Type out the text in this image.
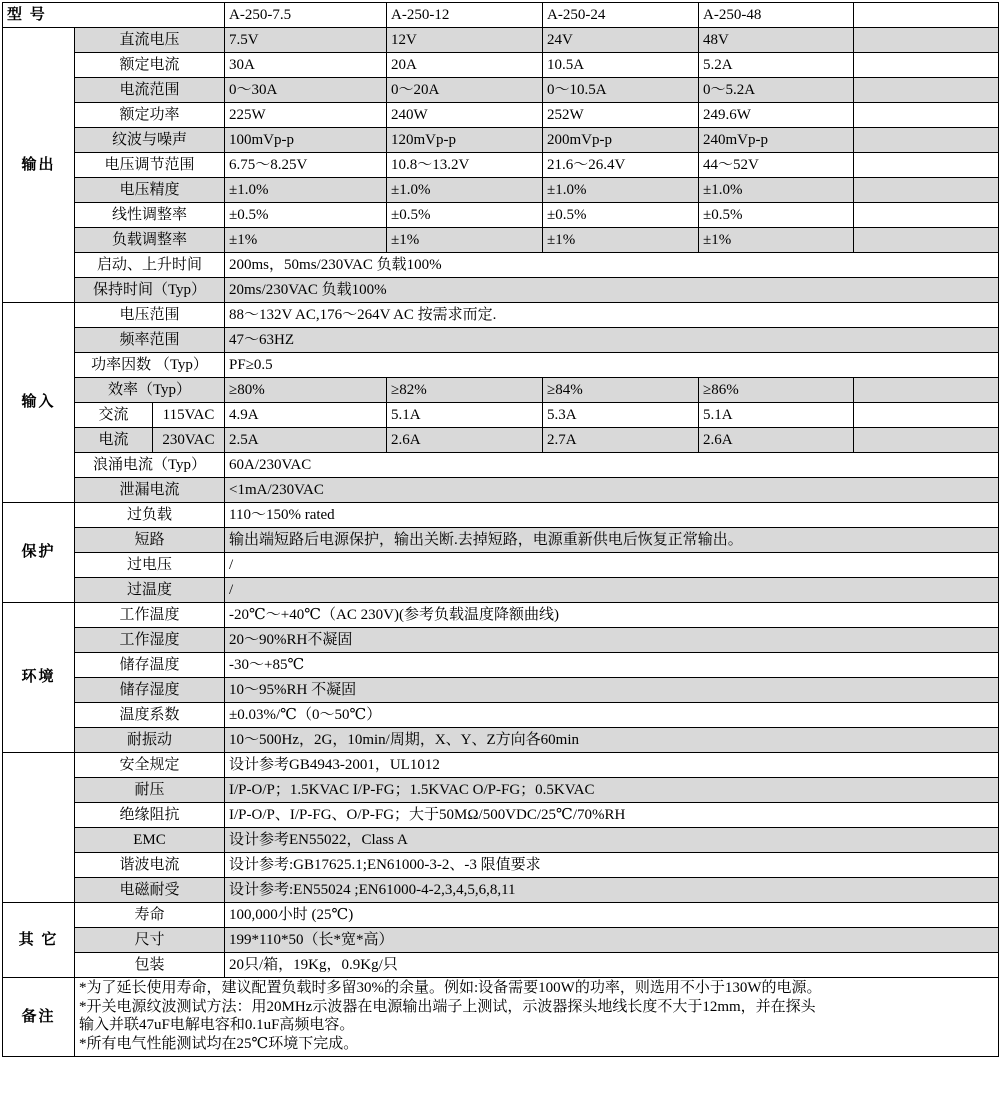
型 号			A-250-7.5	A-250-12	A-250-24	A-250-48	
输出	直流电压		7.5V	12V	24V	48V	
	额定电流		30A	20A	10.5A	5.2A	
	电流范围		0～30A	0～20A	0～10.5A	0～5.2A	
	额定功率		225W	240W	252W	249.6W	
	纹波与噪声		100mVp-p	120mVp-p	200mVp-p	240mVp-p	
	电压调节范围		6.75～8.25V	10.8～13.2V	21.6～26.4V	44～52V	
	电压精度		±1.0%	±1.0%	±1.0%	±1.0%	
	线性调整率		±0.5%	±0.5%	±0.5%	±0.5%	
	负载调整率		±1%	±1%	±1%	±1%	
	启动、上升时间		200ms，50ms/230VAC 负载100%				
	保持时间（Typ）		20ms/230VAC 负载100%				
输入	电压范围		88～132V AC,176～264V AC 按需求而定.				
	频率范围		47～63HZ				
	功率因数 （Typ）		PF≥0.5				
	效率（Typ）		≥80%	≥82%	≥84%	≥86%	
	交流	115VAC	4.9A	5.1A	5.3A	5.1A	
	电流	230VAC	2.5A	2.6A	2.7A	2.6A	
	浪涌电流（Typ）		60A/230VAC				
	泄漏电流		<1mA/230VAC				
保护	过负载		110～150% rated				
	短路		输出端短路后电源保护，输出关断.去掉短路，电源重新供电后恢复正常输出。				
	过电压		/				
	过温度		/				
环境	工作温度		-20℃～+40℃（AC 230V)(参考负载温度降额曲线)				
	工作湿度		20～90%RH不凝固				
	储存温度		-30～+85℃				
	储存湿度		10～95%RH 不凝固				
	温度系数		±0.03%/℃（0～50℃）				
	耐振动		10～500Hz，2G，10min/周期，X、Y、Z方向各60min				
	安全规定		设计参考GB4943-2001，UL1012				
	耐压		I/P-O/P；1.5KVAC I/P-FG；1.5KVAC O/P-FG；0.5KVAC				
	绝缘阻抗		I/P-O/P、I/P-FG、O/P-FG；大于50MΩ/500VDC/25℃/70%RH				
	EMC		设计参考EN55022，Class A				
	谐波电流		设计参考:GB17625.1;EN61000-3-2、-3 限值要求				
	电磁耐受		设计参考:EN55024 ;EN61000-4-2,3,4,5,6,8,11				
其 它	寿命		100,000小时 (25℃)				
	尺寸		199*110*50（长*宽*高）				
	包装		20只/箱，19Kg，0.9Kg/只				
备注	*为了延长使用寿命，建议配置负载时多留30%的余量。例如:设备需要100W的功率，则选用不小于130W的电源。

*开关电源纹波测试方法：用20MHz示波器在电源输出端子上测试，示波器探头地线长度不大于12mm，并在探头

输入并联47uF电解电容和0.1uF高频电容。

*所有电气性能测试均在25℃环境下完成。						
